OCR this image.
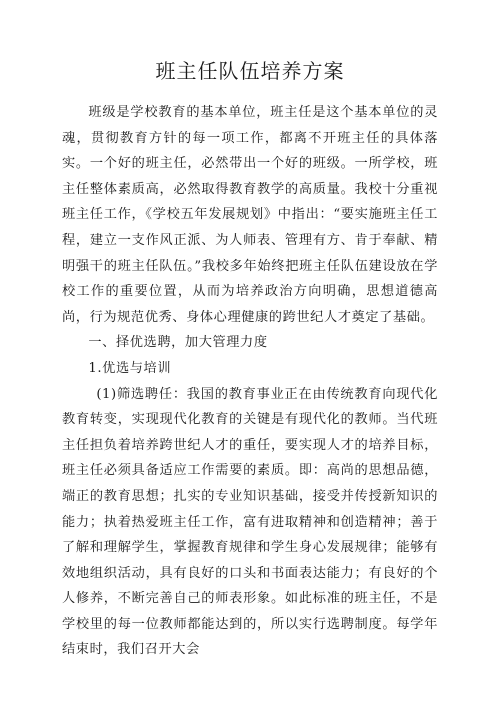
班主任队伍培养方案

班级是学校教育的基本单位，班主任是这个基本单位的灵魂，贯彻教育方针的每一项工作，都离不开班主任的具体落实。一个好的班主任，必然带出一个好的班级。一所学校，班主任整体素质高，必然取得教育教学的高质量。我校十分重视班主任工作，《学校五年发展规划》中指出：“要实施班主任工程，建立一支作风正派、为人师表、管理有方、肯于奉献、精明强干的班主任队伍。”我校多年始终把班主任队伍建设放在学校工作的重要位置，从而为培养政治方向明确，思想道德高尚，行为规范优秀、身体心理健康的跨世纪人才奠定了基础。

一、择优选聘，加大管理力度

1.优选与培训

(1)筛选聘任：我国的教育事业正在由传统教育向现代化教育转变，实现现代化教育的关键是有现代化的教师。当代班主任担负着培养跨世纪人才的重任，要实现人才的培养目标，班主任必须具备适应工作需要的素质。即：高尚的思想品德，端正的教育思想；扎实的专业知识基础，接受并传授新知识的能力；执着热爱班主任工作，富有进取精神和创造精神；善于了解和理解学生，掌握教育规律和学生身心发展规律；能够有效地组织活动，具有良好的口头和书面表达能力；有良好的个人修养，不断完善自己的师表形象。如此标准的班主任，不是学校里的每一位教师都能达到的，所以实行选聘制度。每学年结束时，我们召开大会
